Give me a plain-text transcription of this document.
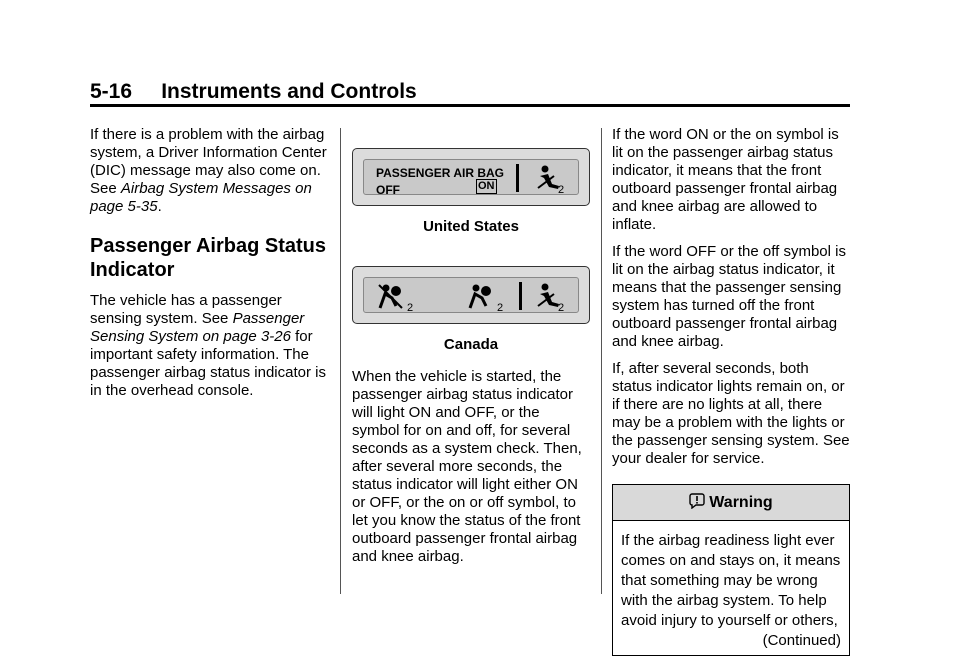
5-16     Instruments and Controls

If there is a problem with the airbag system, a Driver Information Center (DIC) message may also come on. See Airbag System Messages on page 5-35.

Passenger Airbag Status Indicator

The vehicle has a passenger sensing system. See Passenger Sensing System on page 3-26 for important safety information. The passenger airbag status indicator is in the overhead console.

PASSENGER AIR BAG
OFF	ON	2
United States
2	2	2
Canada

When the vehicle is started, the passenger airbag status indicator will light ON and OFF, or the symbol for on and off, for several seconds as a system check. Then, after several more seconds, the status indicator will light either ON or OFF, or the on or off symbol, to let you know the status of the front outboard passenger frontal airbag and knee airbag.

If the word ON or the on symbol is lit on the passenger airbag status indicator, it means that the front outboard passenger frontal airbag and knee airbag are allowed to inflate.

If the word OFF or the off symbol is lit on the airbag status indicator, it means that the passenger sensing system has turned off the front outboard passenger frontal airbag and knee airbag.

If, after several seconds, both status indicator lights remain on, or if there are no lights at all, there may be a problem with the lights or the passenger sensing system. See your dealer for service.

Warning
If the airbag readiness light ever comes on and stays on, it means that something may be wrong with the airbag system. To help avoid injury to yourself or others,
(Continued)
